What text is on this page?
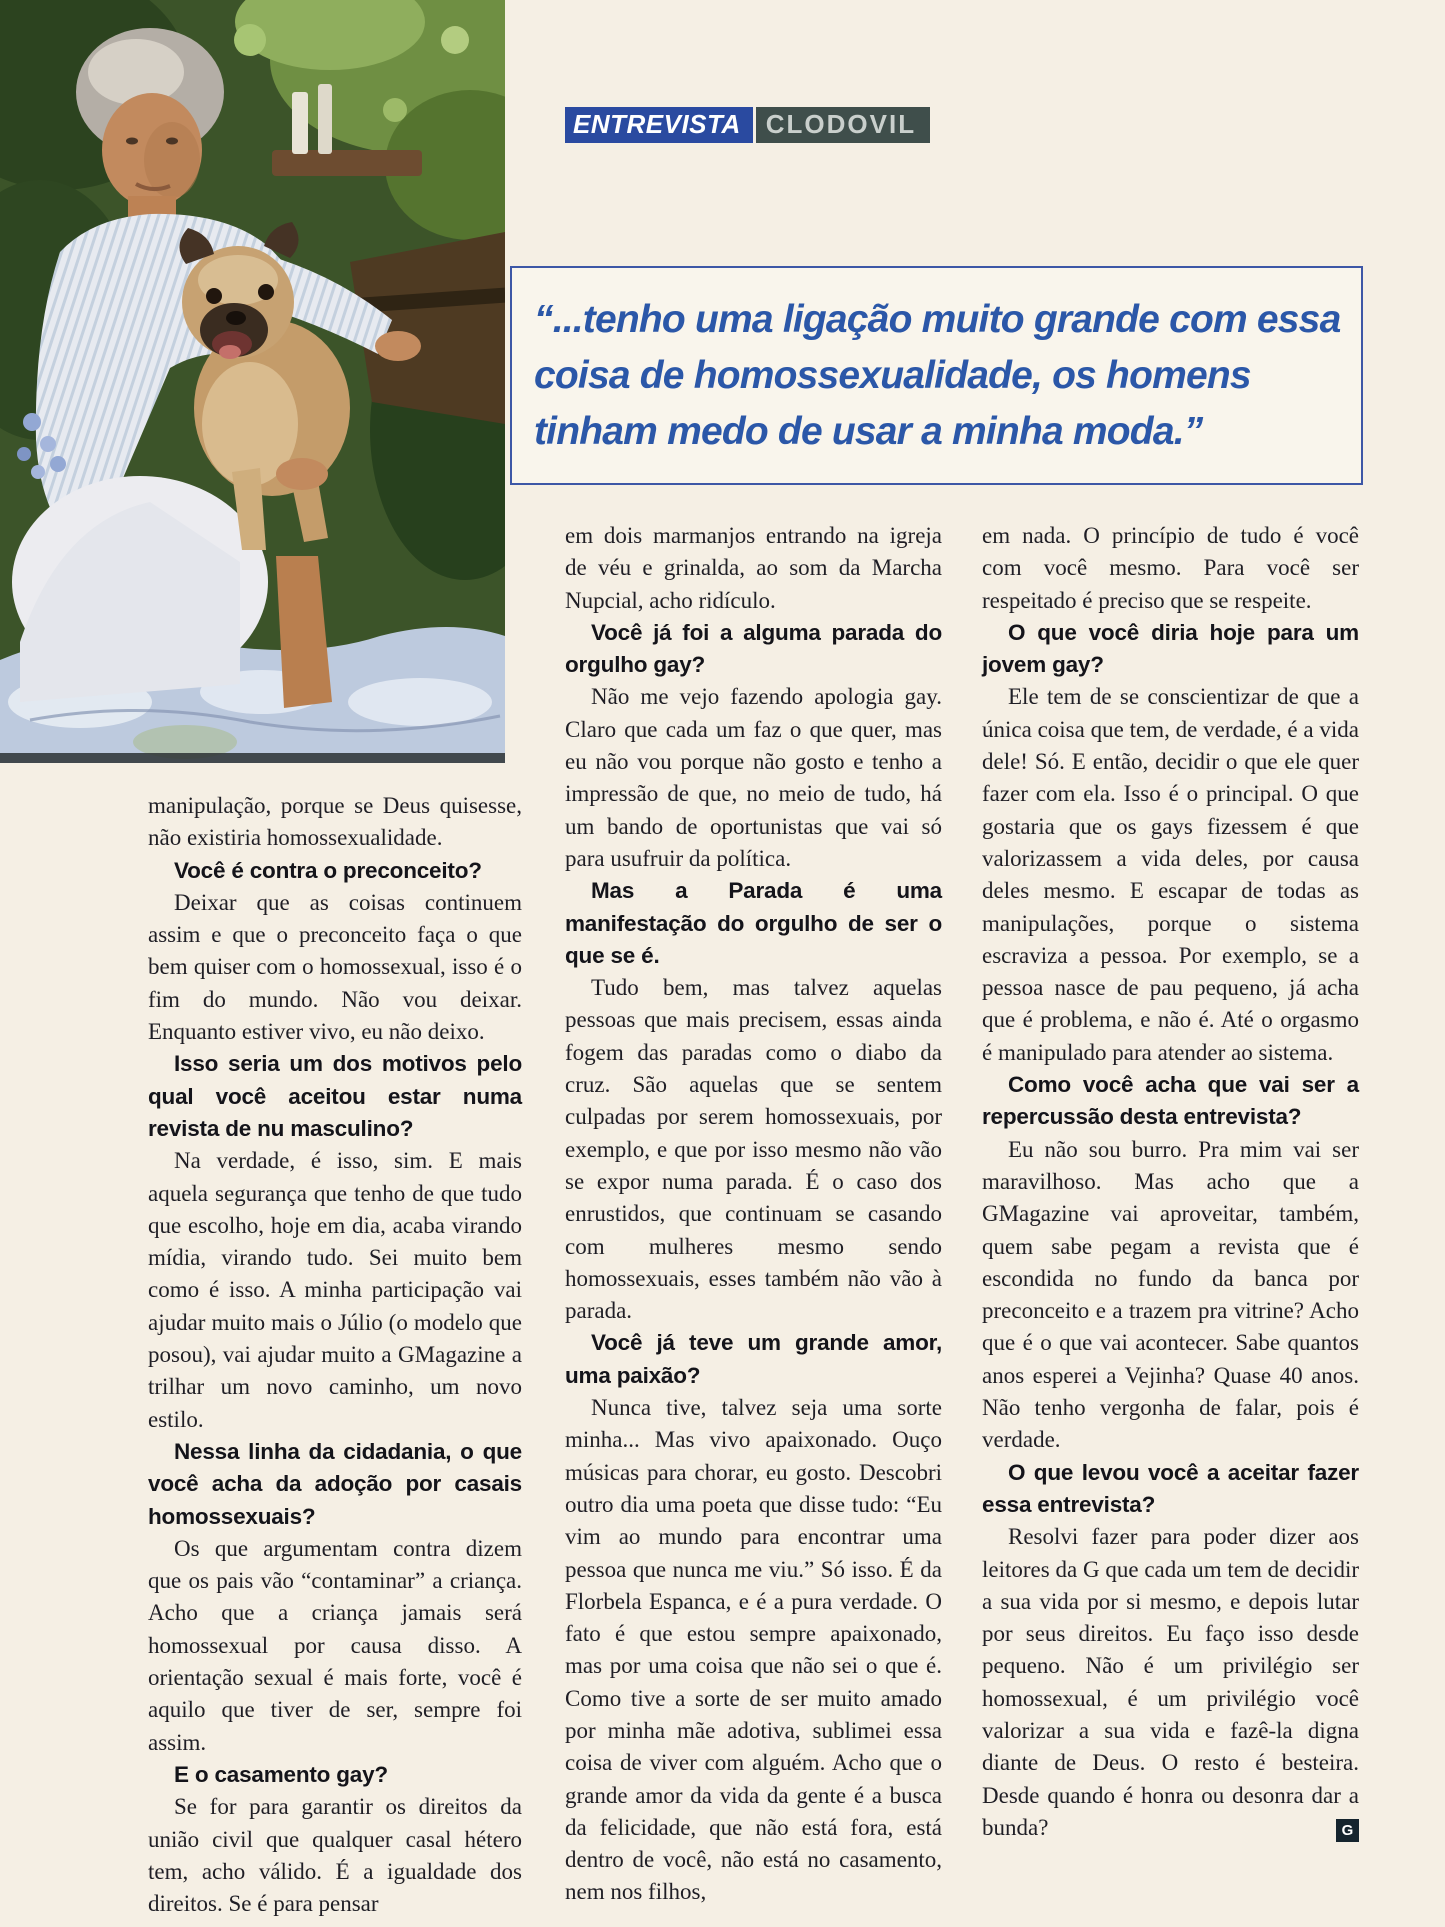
ENTREVISTA CLODOVIL
“...tenho uma ligação muito grande com essa coisa de homossexualidade, os homens tinham medo de usar a minha moda.”

manipulação, porque se Deus quisesse, não existiria homossexualidade.

Você é contra o preconceito?

Deixar que as coisas continuem assim e que o preconceito faça o que bem quiser com o homossexual, isso é o fim do mundo. Não vou deixar. Enquanto estiver vivo, eu não deixo.

Isso seria um dos motivos pelo qual você aceitou estar numa revista de nu masculino?

Na verdade, é isso, sim. E mais aquela segurança que tenho de que tudo que escolho, hoje em dia, acaba virando mídia, virando tudo. Sei muito bem como é isso. A minha participação vai ajudar muito mais o Júlio (o modelo que posou), vai ajudar muito a GMagazine a trilhar um novo caminho, um novo estilo.

Nessa linha da cidadania, o que você acha da adoção por casais homossexuais?

Os que argumentam contra dizem que os pais vão “contaminar” a criança. Acho que a criança jamais será homossexual por causa disso. A orientação sexual é mais forte, você é aquilo que tiver de ser, sempre foi assim.

E o casamento gay?

Se for para garantir os direitos da união civil que qualquer casal hétero tem, acho válido. É a igualdade dos direitos. Se é para pensar

em dois marmanjos entrando na igreja de véu e grinalda, ao som da Marcha Nupcial, acho ridículo.

Você já foi a alguma parada do orgulho gay?

Não me vejo fazendo apologia gay. Claro que cada um faz o que quer, mas eu não vou porque não gosto e tenho a impressão de que, no meio de tudo, há um bando de oportunistas que vai só para usufruir da política.

Mas a Parada é uma manifestação do orgulho de ser o que se é.

Tudo bem, mas talvez aquelas pessoas que mais precisem, essas ainda fogem das paradas como o diabo da cruz. São aquelas que se sentem culpadas por serem homossexuais, por exemplo, e que por isso mesmo não vão se expor numa parada. É o caso dos enrustidos, que continuam se casando com mulheres mesmo sendo homossexuais, esses também não vão à parada.

Você já teve um grande amor, uma paixão?

Nunca tive, talvez seja uma sorte minha... Mas vivo apaixonado. Ouço músicas para chorar, eu gosto. Descobri outro dia uma poeta que disse tudo: “Eu vim ao mundo para encontrar uma pessoa que nunca me viu.” Só isso. É da Florbela Espanca, e é a pura verdade. O fato é que estou sempre apaixonado, mas por uma coisa que não sei o que é. Como tive a sorte de ser muito amado por minha mãe adotiva, sublimei essa coisa de viver com alguém. Acho que o grande amor da vida da gente é a busca da felicidade, que não está fora, está dentro de você, não está no casamento, nem nos filhos,

em nada. O princípio de tudo é você com você mesmo. Para você ser respeitado é preciso que se respeite.

O que você diria hoje para um jovem gay?

Ele tem de se conscientizar de que a única coisa que tem, de verdade, é a vida dele! Só. E então, decidir o que ele quer fazer com ela. Isso é o principal. O que gostaria que os gays fizessem é que valorizassem a vida deles, por causa deles mesmo. E escapar de todas as manipulações, porque o sistema escraviza a pessoa. Por exemplo, se a pessoa nasce de pau pequeno, já acha que é problema, e não é. Até o orgasmo é manipulado para atender ao sistema.

Como você acha que vai ser a repercussão desta entrevista?

Eu não sou burro. Pra mim vai ser maravilhoso. Mas acho que a GMagazine vai aproveitar, também, quem sabe pegam a revista que é escondida no fundo da banca por preconceito e a trazem pra vitrine? Acho que é o que vai acontecer. Sabe quantos anos esperei a Vejinha? Quase 40 anos. Não tenho vergonha de falar, pois é verdade.

O que levou você a aceitar fazer essa entrevista?

Resolvi fazer para poder dizer aos leitores da G que cada um tem de decidir a sua vida por si mesmo, e depois lutar por seus direitos. Eu faço isso desde pequeno. Não é um privilégio ser homossexual, é um privilégio você valorizar a sua vida e fazê-la digna diante de Deus. O resto é besteira. Desde quando é honra ou desonra dar a bunda?	G
